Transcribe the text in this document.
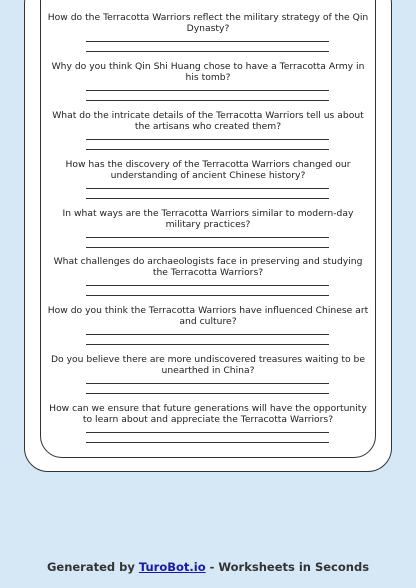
How do the Terracotta Warriors reflect the military strategy of the Qin Dynasty?

Why do you think Qin Shi Huang chose to have a Terracotta Army in his tomb?

What do the intricate details of the Terracotta Warriors tell us about the artisans who created them?

How has the discovery of the Terracotta Warriors changed our understanding of ancient Chinese history?

In what ways are the Terracotta Warriors similar to modern-day military practices?

What challenges do archaeologists face in preserving and studying the Terracotta Warriors?

How do you think the Terracotta Warriors have influenced Chinese art and culture?

Do you believe there are more undiscovered treasures waiting to be unearthed in China?

How can we ensure that future generations will have the opportunity to learn about and appreciate the Terracotta Warriors?

Generated by TuroBot.io - Worksheets in Seconds
